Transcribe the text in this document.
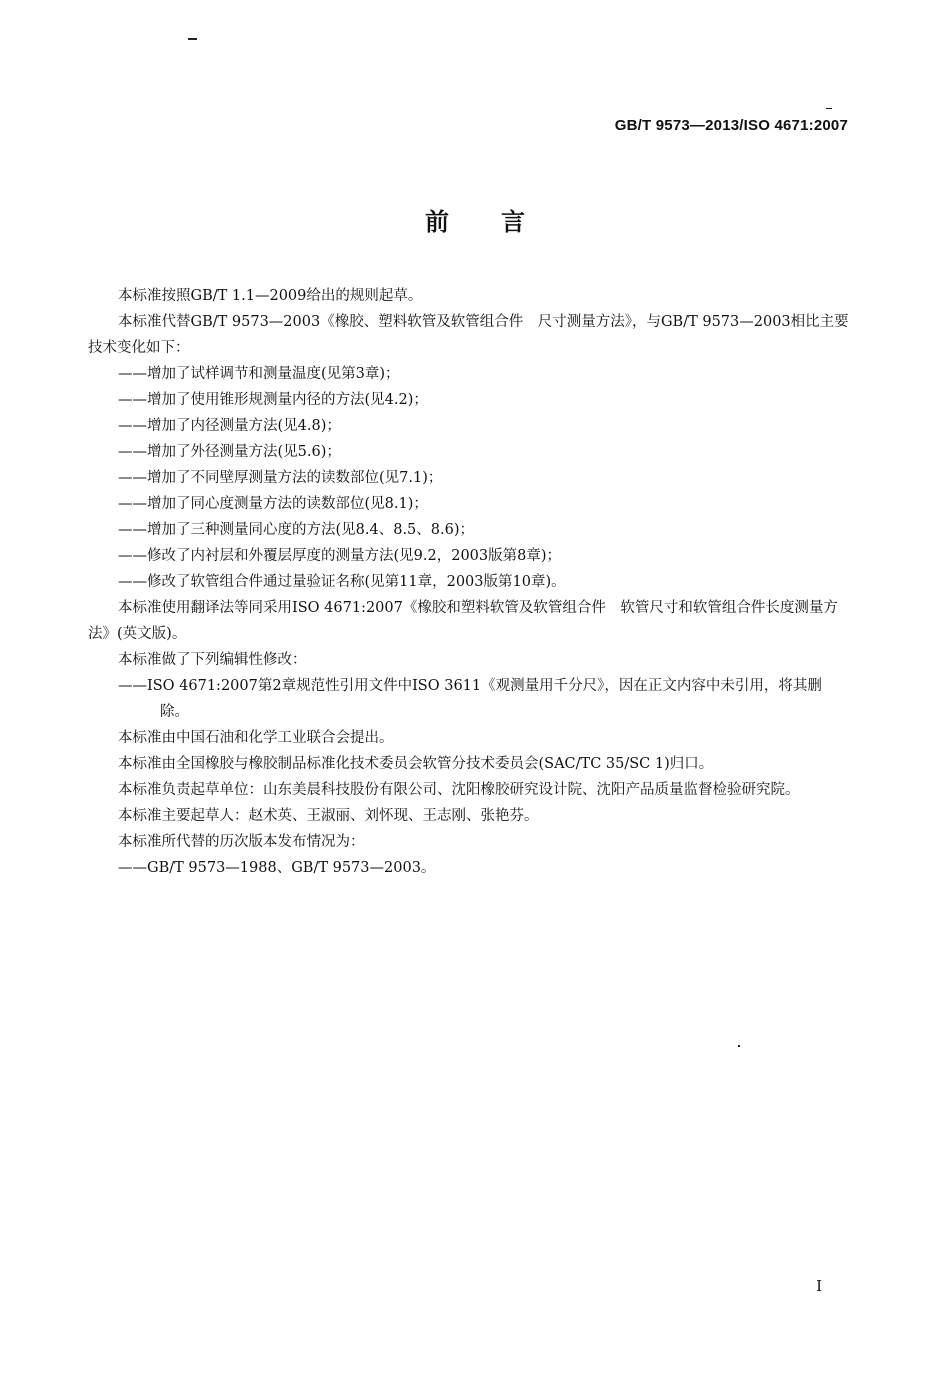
GB/T 9573—2013/ISO 4671:2007
前言

本标准按照GB/T 1.1—2009给出的规则起草。

本标准代替GB/T 9573—2003《橡胶、塑料软管及软管组合件　尺寸测量方法》，与GB/T 9573—2003相比主要技术变化如下：

——增加了试样调节和测量温度(见第3章)；

——增加了使用锥形规测量内径的方法(见4.2)；

——增加了内径测量方法(见4.8)；

——增加了外径测量方法(见5.6)；

——增加了不同壁厚测量方法的读数部位(见7.1)；

——增加了同心度测量方法的读数部位(见8.1)；

——增加了三种测量同心度的方法(见8.4、8.5、8.6)；

——修改了内衬层和外覆层厚度的测量方法(见9.2，2003版第8章)；

——修改了软管组合件通过量验证名称(见第11章，2003版第10章)。

本标准使用翻译法等同采用ISO 4671:2007《橡胶和塑料软管及软管组合件　软管尺寸和软管组合件长度测量方法》(英文版)。

本标准做了下列编辑性修改：

——ISO 4671:2007第2章规范性引用文件中ISO 3611《观测量用千分尺》，因在正文内容中未引用，将其删除。

本标准由中国石油和化学工业联合会提出。

本标准由全国橡胶与橡胶制品标准化技术委员会软管分技术委员会(SAC/TC 35/SC 1)归口。

本标准负责起草单位：山东美晨科技股份有限公司、沈阳橡胶研究设计院、沈阳产品质量监督检验研究院。

本标准主要起草人：赵术英、王淑丽、刘怀现、王志刚、张艳芬。

本标准所代替的历次版本发布情况为：

——GB/T 9573—1988、GB/T 9573—2003。

I
